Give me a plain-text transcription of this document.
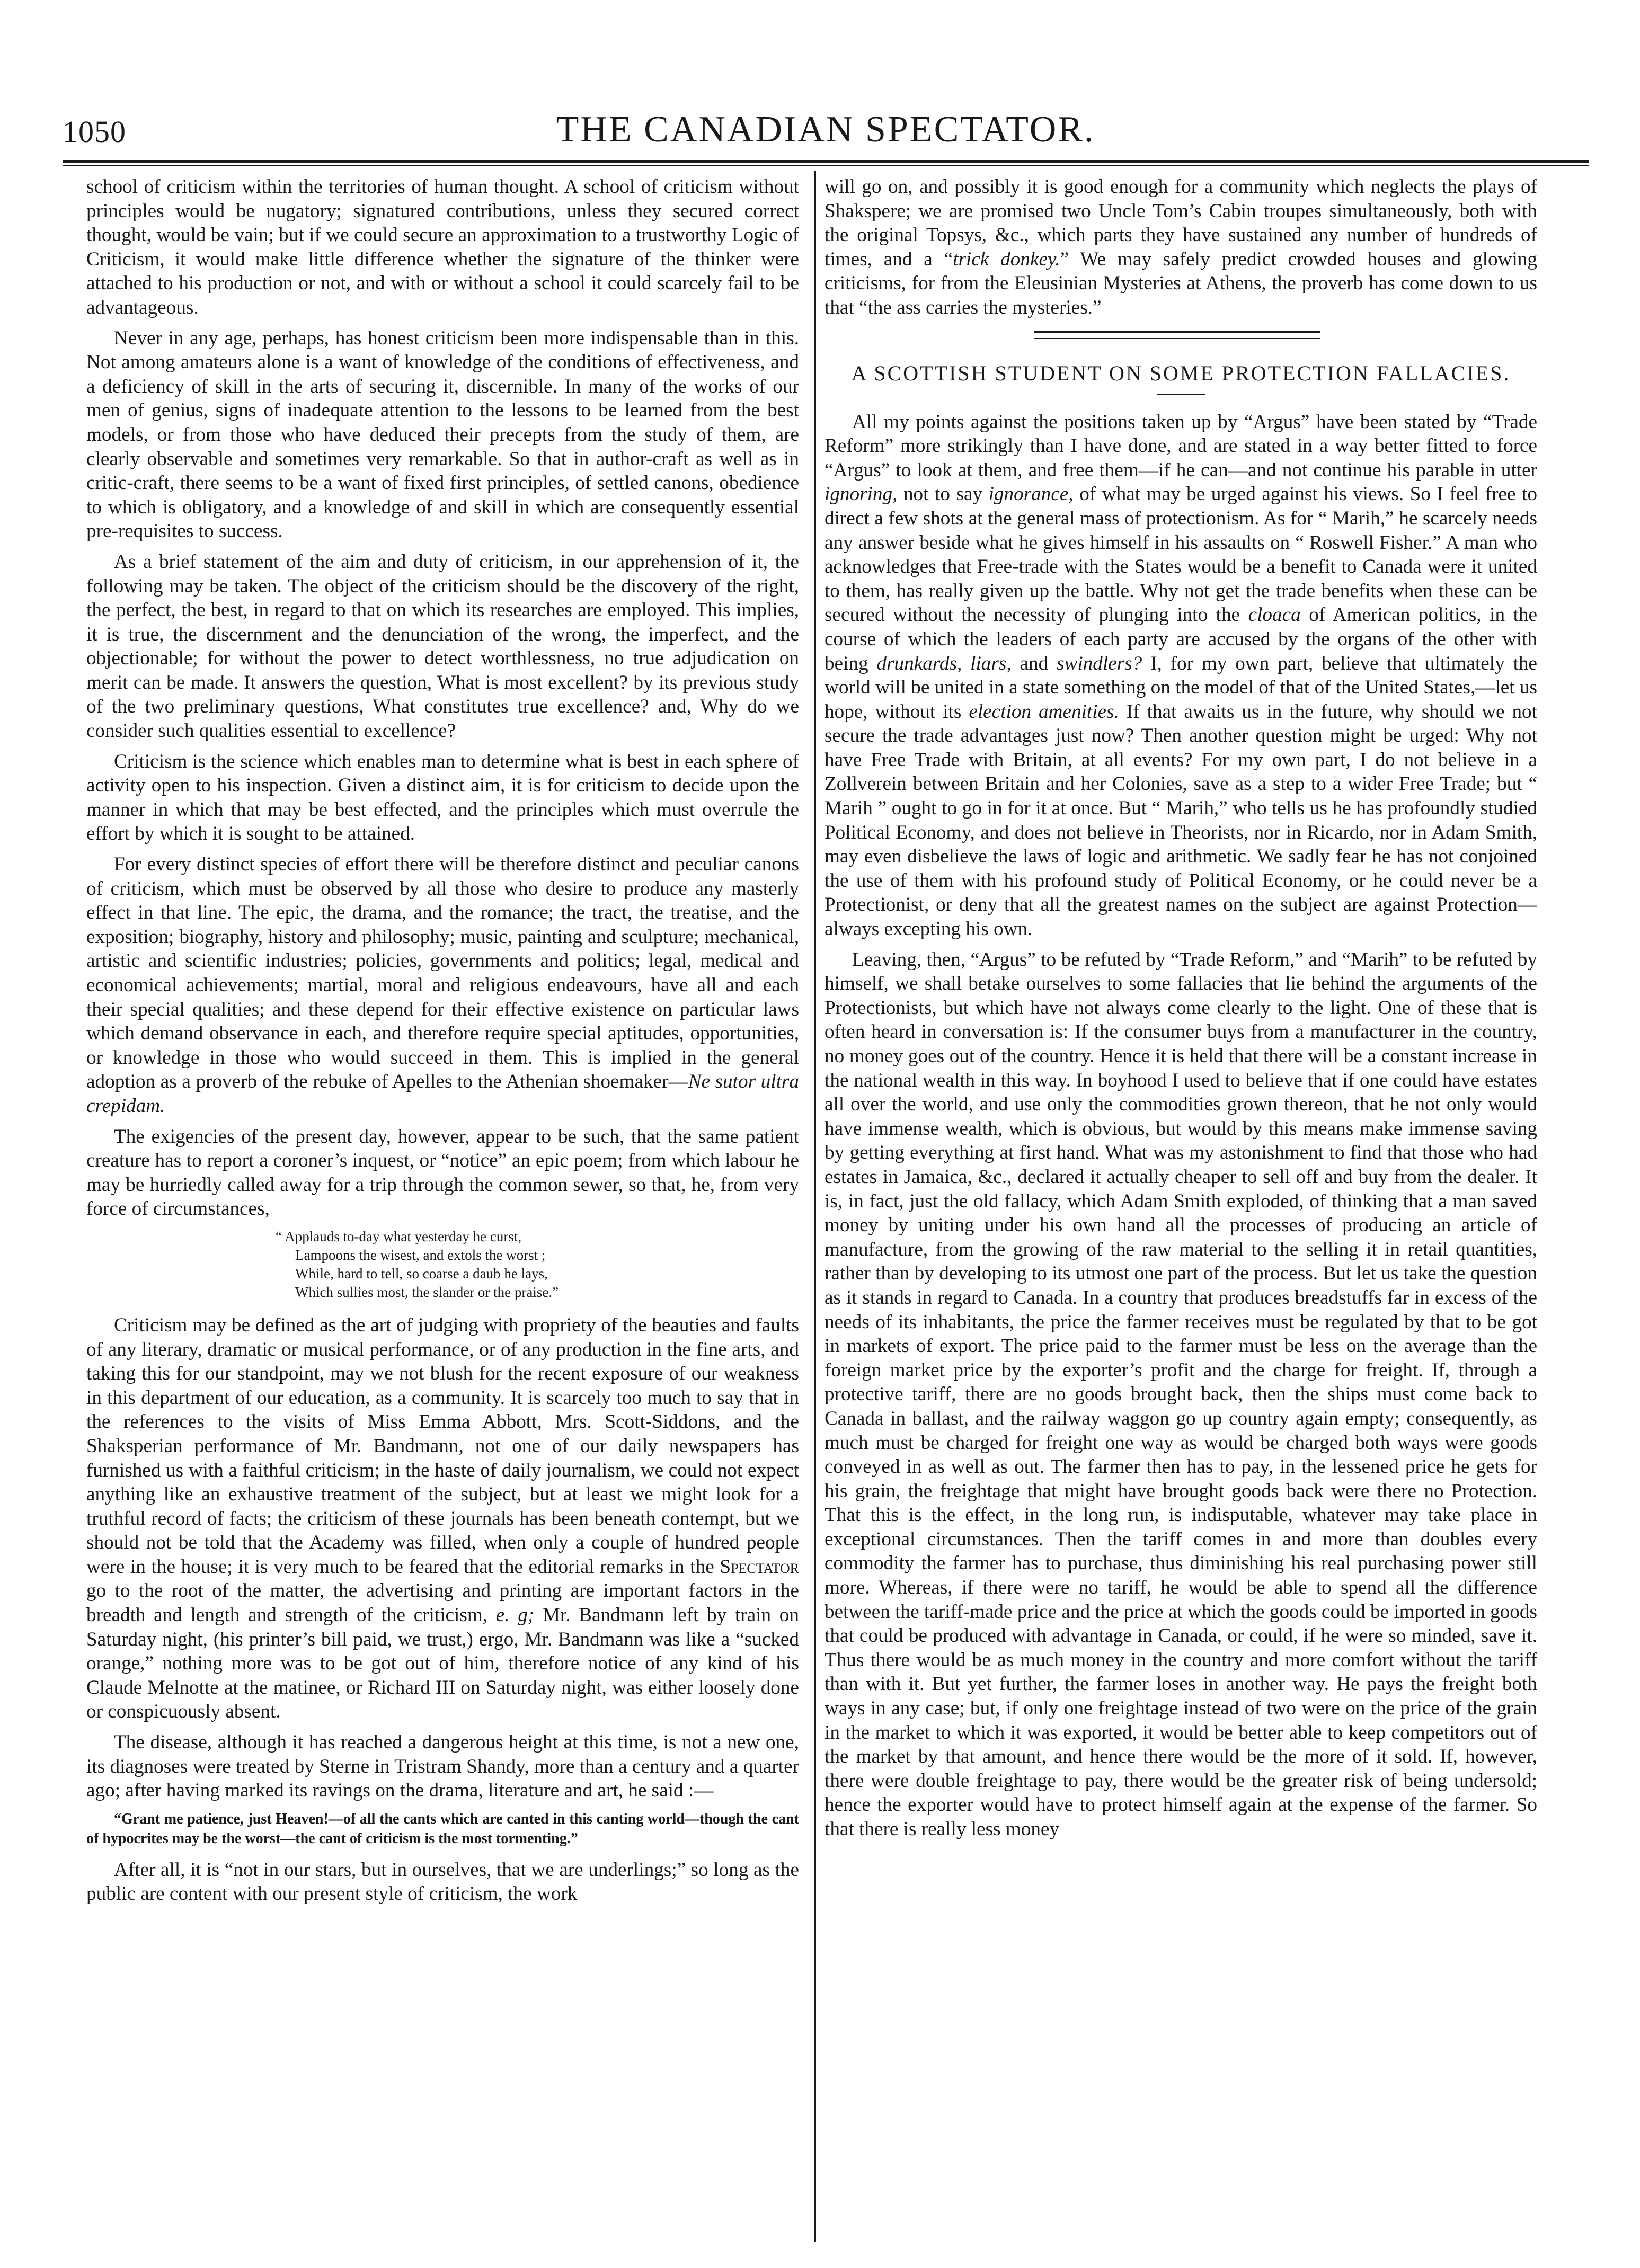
1050	THE CANADIAN SPECTATOR.

school of criticism within the territories of human thought. A school of criticism without principles would be nugatory; signatured contributions, unless they secured correct thought, would be vain; but if we could secure an approximation to a trustworthy Logic of Criticism, it would make little difference whether the signature of the thinker were attached to his production or not, and with or without a school it could scarcely fail to be advantageous.

Never in any age, perhaps, has honest criticism been more indispensable than in this. Not among amateurs alone is a want of knowledge of the conditions of effectiveness, and a deficiency of skill in the arts of securing it, discernible. In many of the works of our men of genius, signs of inadequate attention to the lessons to be learned from the best models, or from those who have deduced their precepts from the study of them, are clearly observable and sometimes very remarkable. So that in author-craft as well as in critic-craft, there seems to be a want of fixed first principles, of settled canons, obedience to which is obligatory, and a knowledge of and skill in which are consequently essential pre-requisites to success.

As a brief statement of the aim and duty of criticism, in our apprehension of it, the following may be taken. The object of the criticism should be the discovery of the right, the perfect, the best, in regard to that on which its researches are employed. This implies, it is true, the discernment and the denunciation of the wrong, the imperfect, and the objectionable; for without the power to detect worthlessness, no true adjudication on merit can be made. It answers the question, What is most excellent? by its previous study of the two preliminary questions, What constitutes true excellence? and, Why do we consider such qualities essential to excellence?

Criticism is the science which enables man to determine what is best in each sphere of activity open to his inspection. Given a distinct aim, it is for criticism to decide upon the manner in which that may be best effected, and the principles which must overrule the effort by which it is sought to be attained.

For every distinct species of effort there will be therefore distinct and peculiar canons of criticism, which must be observed by all those who desire to produce any masterly effect in that line. The epic, the drama, and the romance; the tract, the treatise, and the exposition; biography, history and philosophy; music, painting and sculpture; mechanical, artistic and scientific industries; policies, governments and politics; legal, medical and economical achievements; martial, moral and religious endeavours, have all and each their special qualities; and these depend for their effective existence on particular laws which demand observance in each, and therefore require special aptitudes, opportunities, or knowledge in those who would succeed in them. This is implied in the general adoption as a proverb of the rebuke of Apelles to the Athenian shoemaker—Ne sutor ultra crepidam.

The exigencies of the present day, however, appear to be such, that the same patient creature has to report a coroner’s inquest, or “notice” an epic poem; from which labour he may be hurriedly called away for a trip through the common sewer, so that, he, from very force of circumstances,

“ Applauds to-day what yesterday he curst,
Lampoons the wisest, and extols the worst ;
While, hard to tell, so coarse a daub he lays,
Which sullies most, the slander or the praise.”

Criticism may be defined as the art of judging with propriety of the beauties and faults of any literary, dramatic or musical performance, or of any production in the fine arts, and taking this for our standpoint, may we not blush for the recent exposure of our weakness in this department of our education, as a community. It is scarcely too much to say that in the references to the visits of Miss Emma Abbott, Mrs. Scott-Siddons, and the Shaksperian performance of Mr. Bandmann, not one of our daily newspapers has furnished us with a faithful criticism; in the haste of daily journalism, we could not expect anything like an exhaustive treatment of the subject, but at least we might look for a truthful record of facts; the criticism of these journals has been beneath contempt, but we should not be told that the Academy was filled, when only a couple of hundred people were in the house; it is very much to be feared that the editorial remarks in the Spectator go to the root of the matter, the advertising and printing are important factors in the breadth and length and strength of the criticism, e. g; Mr. Bandmann left by train on Saturday night, (his printer’s bill paid, we trust,) ergo, Mr. Bandmann was like a “sucked orange,” nothing more was to be got out of him, therefore notice of any kind of his Claude Melnotte at the matinee, or Richard III on Saturday night, was either loosely done or conspicuously absent.

The disease, although it has reached a dangerous height at this time, is not a new one, its diagnoses were treated by Sterne in Tristram Shandy, more than a century and a quarter ago; after having marked its ravings on the drama, literature and art, he said :—

“Grant me patience, just Heaven!—of all the cants which are canted in this canting world—though the cant of hypocrites may be the worst—the cant of criticism is the most tormenting.”

After all, it is “not in our stars, but in ourselves, that we are underlings;” so long as the public are content with our present style of criticism, the work

will go on, and possibly it is good enough for a community which neglects the plays of Shakspere; we are promised two Uncle Tom’s Cabin troupes simultaneously, both with the original Topsys, &c., which parts they have sustained any number of hundreds of times, and a “trick donkey.” We may safely predict crowded houses and glowing criticisms, for from the Eleusinian Mysteries at Athens, the proverb has come down to us that “the ass carries the mysteries.”

A SCOTTISH STUDENT ON SOME PROTECTION FALLACIES.

All my points against the positions taken up by “Argus” have been stated by “Trade Reform” more strikingly than I have done, and are stated in a way better fitted to force “Argus” to look at them, and free them—if he can—and not continue his parable in utter ignoring, not to say ignorance, of what may be urged against his views. So I feel free to direct a few shots at the general mass of protectionism. As for “ Marih,” he scarcely needs any answer beside what he gives himself in his assaults on “ Roswell Fisher.” A man who acknowledges that Free-trade with the States would be a benefit to Canada were it united to them, has really given up the battle. Why not get the trade benefits when these can be secured without the necessity of plunging into the cloaca of American politics, in the course of which the leaders of each party are accused by the organs of the other with being drunkards, liars, and swindlers? I, for my own part, believe that ultimately the world will be united in a state something on the model of that of the United States,—let us hope, without its election amenities. If that awaits us in the future, why should we not secure the trade advantages just now? Then another question might be urged: Why not have Free Trade with Britain, at all events? For my own part, I do not believe in a Zollverein between Britain and her Colonies, save as a step to a wider Free Trade; but “ Marih ” ought to go in for it at once. But “ Marih,” who tells us he has profoundly studied Political Economy, and does not believe in Theorists, nor in Ricardo, nor in Adam Smith, may even disbelieve the laws of logic and arithmetic. We sadly fear he has not conjoined the use of them with his profound study of Political Economy, or he could never be a Protectionist, or deny that all the greatest names on the subject are against Protection—always excepting his own.

Leaving, then, “Argus” to be refuted by “Trade Reform,” and “Marih” to be refuted by himself, we shall betake ourselves to some fallacies that lie behind the arguments of the Protectionists, but which have not always come clearly to the light. One of these that is often heard in conversation is: If the consumer buys from a manufacturer in the country, no money goes out of the country. Hence it is held that there will be a constant increase in the national wealth in this way. In boyhood I used to believe that if one could have estates all over the world, and use only the commodities grown thereon, that he not only would have immense wealth, which is obvious, but would by this means make immense saving by getting everything at first hand. What was my astonishment to find that those who had estates in Jamaica, &c., declared it actually cheaper to sell off and buy from the dealer. It is, in fact, just the old fallacy, which Adam Smith exploded, of thinking that a man saved money by uniting under his own hand all the processes of producing an article of manufacture, from the growing of the raw material to the selling it in retail quantities, rather than by developing to its utmost one part of the process. But let us take the question as it stands in regard to Canada. In a country that produces breadstuffs far in excess of the needs of its inhabitants, the price the farmer receives must be regulated by that to be got in markets of export. The price paid to the farmer must be less on the average than the foreign market price by the exporter’s profit and the charge for freight. If, through a protective tariff, there are no goods brought back, then the ships must come back to Canada in ballast, and the railway waggon go up country again empty; consequently, as much must be charged for freight one way as would be charged both ways were goods conveyed in as well as out. The farmer then has to pay, in the lessened price he gets for his grain, the freightage that might have brought goods back were there no Protection. That this is the effect, in the long run, is indisputable, whatever may take place in exceptional circumstances. Then the tariff comes in and more than doubles every commodity the farmer has to purchase, thus diminishing his real purchasing power still more. Whereas, if there were no tariff, he would be able to spend all the difference between the tariff-made price and the price at which the goods could be imported in goods that could be produced with advantage in Canada, or could, if he were so minded, save it. Thus there would be as much money in the country and more comfort without the tariff than with it. But yet further, the farmer loses in another way. He pays the freight both ways in any case; but, if only one freightage instead of two were on the price of the grain in the market to which it was exported, it would be better able to keep competitors out of the market by that amount, and hence there would be the more of it sold. If, however, there were double freightage to pay, there would be the greater risk of being undersold; hence the exporter would have to protect himself again at the expense of the farmer. So that there is really less money
